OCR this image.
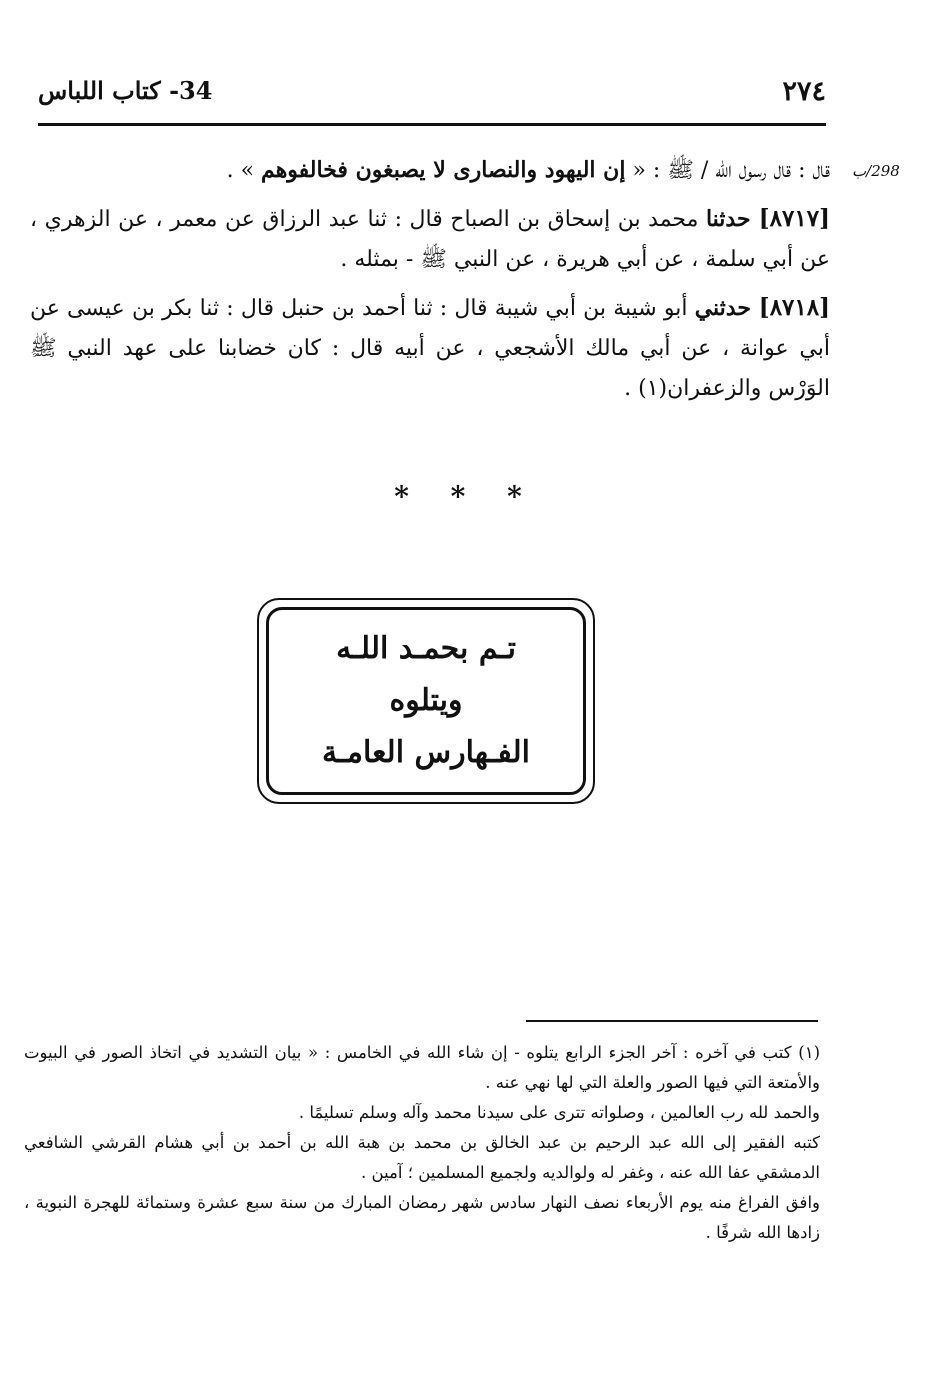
٢٧٤
34- كتاب اللباس
298/ب

قال : قال رسول الله / ﷺ : « إن اليهود والنصارى لا يصبغون فخالفوهم » .

[٨٧١٧] حدثنا محمد بن إسحاق بن الصباح قال : ثنا عبد الرزاق عن معمر ، عن الزهري ، عن أبي سلمة ، عن أبي هريرة ، عن النبي ﷺ - بمثله .

[٨٧١٨] حدثني أبو شيبة بن أبي شيبة قال : ثنا أحمد بن حنبل قال : ثنا بكر بن عيسى عن أبي عوانة ، عن أبي مالك الأشجعي ، عن أبيه قال : كان خضابنا على عهد النبي ﷺ الوَرْس والزعفران(١) .

* * *
تـم بحمـد اللـه
ويتلوه
الفـهارس العامـة

(١) كتب في آخره : آخر الجزء الرابع يتلوه - إن شاء الله في الخامس : « بيان التشديد في اتخاذ الصور في البيوت والأمتعة التي فيها الصور والعلة التي لها نهي عنه .

والحمد لله رب العالمين ، وصلواته تترى على سيدنا محمد وآله وسلم تسليمًا .

كتبه الفقير إلى الله عبد الرحيم بن عبد الخالق بن محمد بن هبة الله بن أحمد بن أبي هشام القرشي الشافعي الدمشقي عفا الله عنه ، وغفر له ولوالديه ولجميع المسلمين ؛ آمين .

وافق الفراغ منه يوم الأربعاء نصف النهار سادس شهر رمضان المبارك من سنة سبع عشرة وستمائة للهجرة النبوية ، زادها الله شرفًا .
